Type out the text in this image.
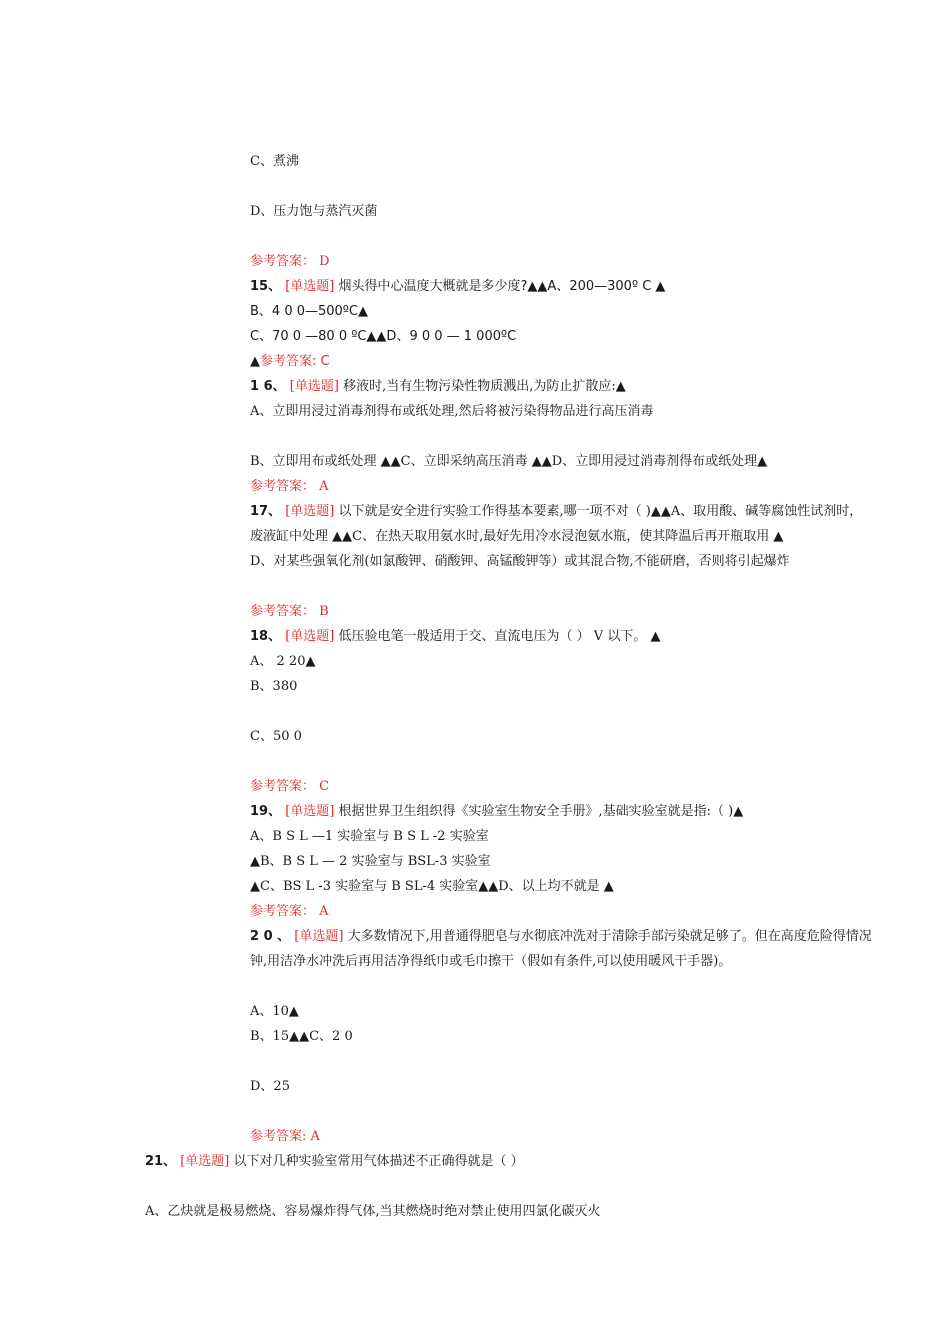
C、煮沸
D、压力饱与蒸汽灭菌
参考答案： D
15、 [单选题] 烟头得中心温度大概就是多少度?▲▲A、200—300º C ▲
B、4 0 0—500ºC▲
C、70 0 —80 0 ºC▲▲D、9 0 0 — 1 000ºC
▲参考答案: C
1 6、 [单选题] 移液时,当有生物污染性物质溅出,为防止扩散应:▲
A、立即用浸过消毒剂得布或纸处理,然后将被污染得物品进行高压消毒
B、立即用布或纸处理 ▲▲C、立即采纳高压消毒 ▲▲D、立即用浸过消毒剂得布或纸处理▲
参考答案： A
17、 [单选题] 以下就是安全进行实验工作得基本要素,哪一项不对（ )▲▲A、取用酸、碱等腐蚀性试剂时，
废液缸中处理 ▲▲C、在热天取用氨水时,最好先用冷水浸泡氨水瓶，使其降温后再开瓶取用 ▲
D、对某些强氧化剂(如氯酸钾、硝酸钾、高锰酸钾等）或其混合物,不能研磨，否则将引起爆炸
参考答案： B
18、 [单选题] 低压验电笔一般适用于交、直流电压为（ ） V 以下。 ▲
A、 2 20▲
B、380
C、50 0
参考答案： C
19、 [单选题] 根据世界卫生组织得《实验室生物安全手册》,基础实验室就是指:（ )▲
A、B S L —1 实验室与 B S L -2 实验室
▲B、B S L — 2 实验室与 BSL-3 实验室
▲C、BS L -3 实验室与 B SL-4 实验室▲▲D、以上均不就是 ▲
参考答案： A
2 0 、 [单选题] 大多数情况下,用普通得肥皂与水彻底冲洗对于清除手部污染就足够了。但在高度危险得情况
钟,用洁净水冲洗后再用洁净得纸巾或毛巾擦干（假如有条件,可以使用暖风干手器)。
A、10▲
B、15▲▲C、2 0
D、25
参考答案: A
21、 [单选题] 以下对几种实验室常用气体描述不正确得就是（ ）
A、乙炔就是极易燃烧、容易爆炸得气体,当其燃烧时绝对禁止使用四氯化碳灭火
